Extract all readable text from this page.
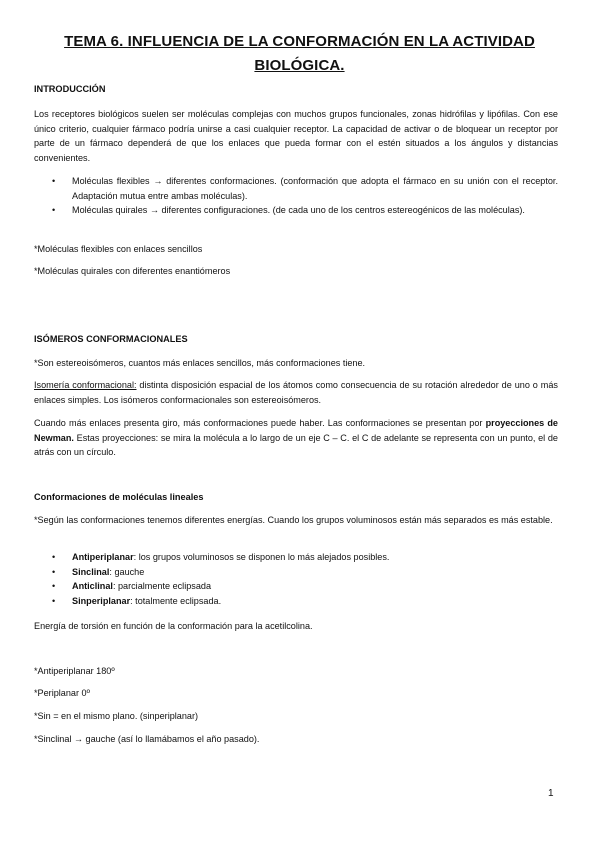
TEMA 6. INFLUENCIA DE LA CONFORMACIÓN EN LA ACTIVIDAD
BIOLÓGICA.
INTRODUCCIÓN
Los receptores biológicos suelen ser moléculas complejas con muchos grupos funcionales, zonas hidrófilas y lipófilas. Con ese único criterio, cualquier fármaco podría unirse a casi cualquier receptor. La capacidad de activar o de bloquear un receptor por parte de un fármaco dependerá de que los enlaces que pueda formar con el estén situados a los ángulos y distancias convenientes.
• Moléculas flexibles → diferentes conformaciones. (conformación que adopta el fármaco en su unión con el receptor. Adaptación mutua entre ambas moléculas).
• Moléculas quirales → diferentes configuraciones. (de cada uno de los centros estereogénicos de las moléculas).
*Moléculas flexibles con enlaces sencillos
*Moléculas quirales con diferentes enantiómeros
ISÓMEROS CONFORMACIONALES
*Son estereoisómeros, cuantos más enlaces sencillos, más conformaciones tiene.
Isomería conformacional: distinta disposición espacial de los átomos como consecuencia de su rotación alrededor de uno o más enlaces simples. Los isómeros conformacionales son estereoisómeros.
Cuando más enlaces presenta giro, más conformaciones puede haber. Las conformaciones se presentan por proyecciones de Newman. Estas proyecciones: se mira la molécula a lo largo de un eje C – C. el C de adelante se representa con un punto, el de atrás con un círculo.
Conformaciones de moléculas lineales
*Según las conformaciones tenemos diferentes energías. Cuando los grupos voluminosos están más separados es más estable.
• Antiperiplanar: los grupos voluminosos se disponen lo más alejados posibles.
• Sinclinal: gauche
• Anticlinal: parcialmente eclipsada
• Sinperiplanar: totalmente eclipsada.
Energía de torsión en función de la conformación para la acetilcolina.
*Antiperiplanar 180º
*Periplanar 0º
*Sin = en el mismo plano. (sinperiplanar)
*Sinclinal → gauche (así lo llamábamos el año pasado).
1
